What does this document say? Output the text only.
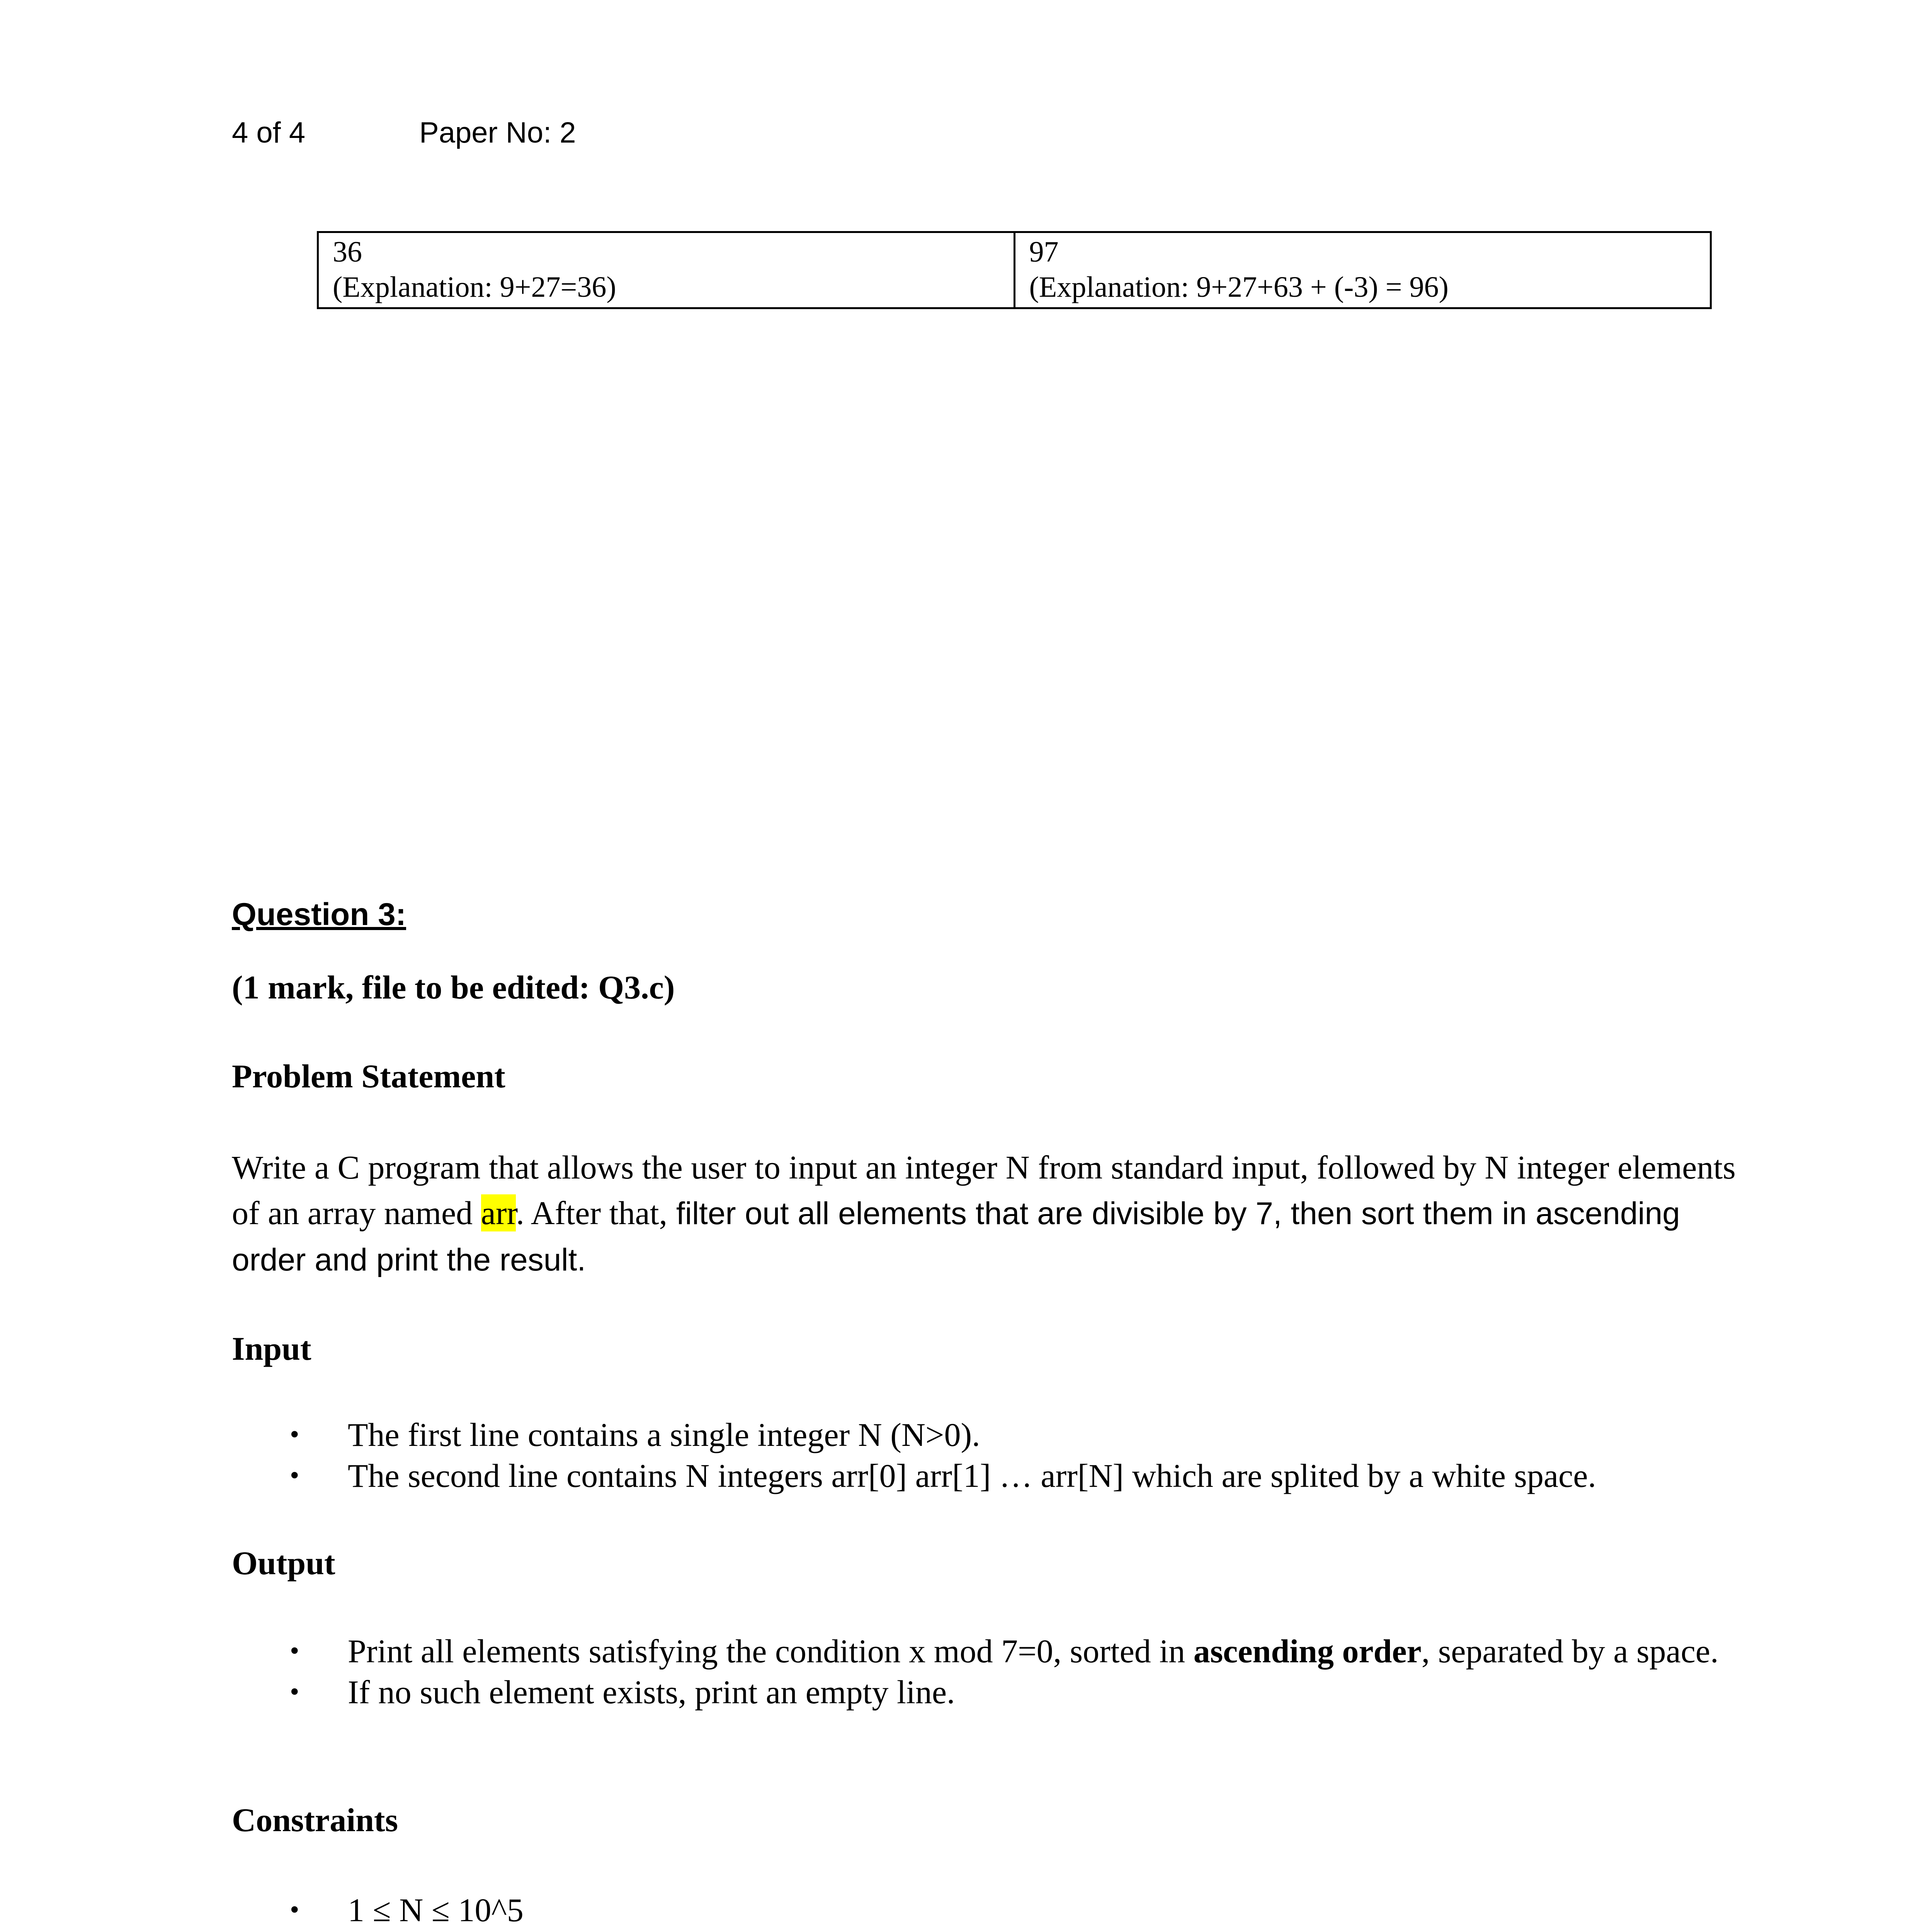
4 of 4	Paper No: 2
36
(Explanation: 9+27=36)

97
(Explanation: 9+27+63 + (-3) = 96)
Question 3:
(1 mark, file to be edited: Q3.c)
Problem Statement
Write a C program that allows the user to input an integer N from standard input, followed by N integer elements of an array named arr. After that, filter out all elements that are divisible by 7, then sort them in ascending order and print the result.
Input
• The first line contains a single integer N (N>0).
• The second line contains N integers arr[0] arr[1] … arr[N] which are splited by a white space.
Output
• Print all elements satisfying the condition x mod 7=0, sorted in ascending order, separated by a space.
• If no such element exists, print an empty line.
Constraints
• 1 ≤ N ≤ 10^5
